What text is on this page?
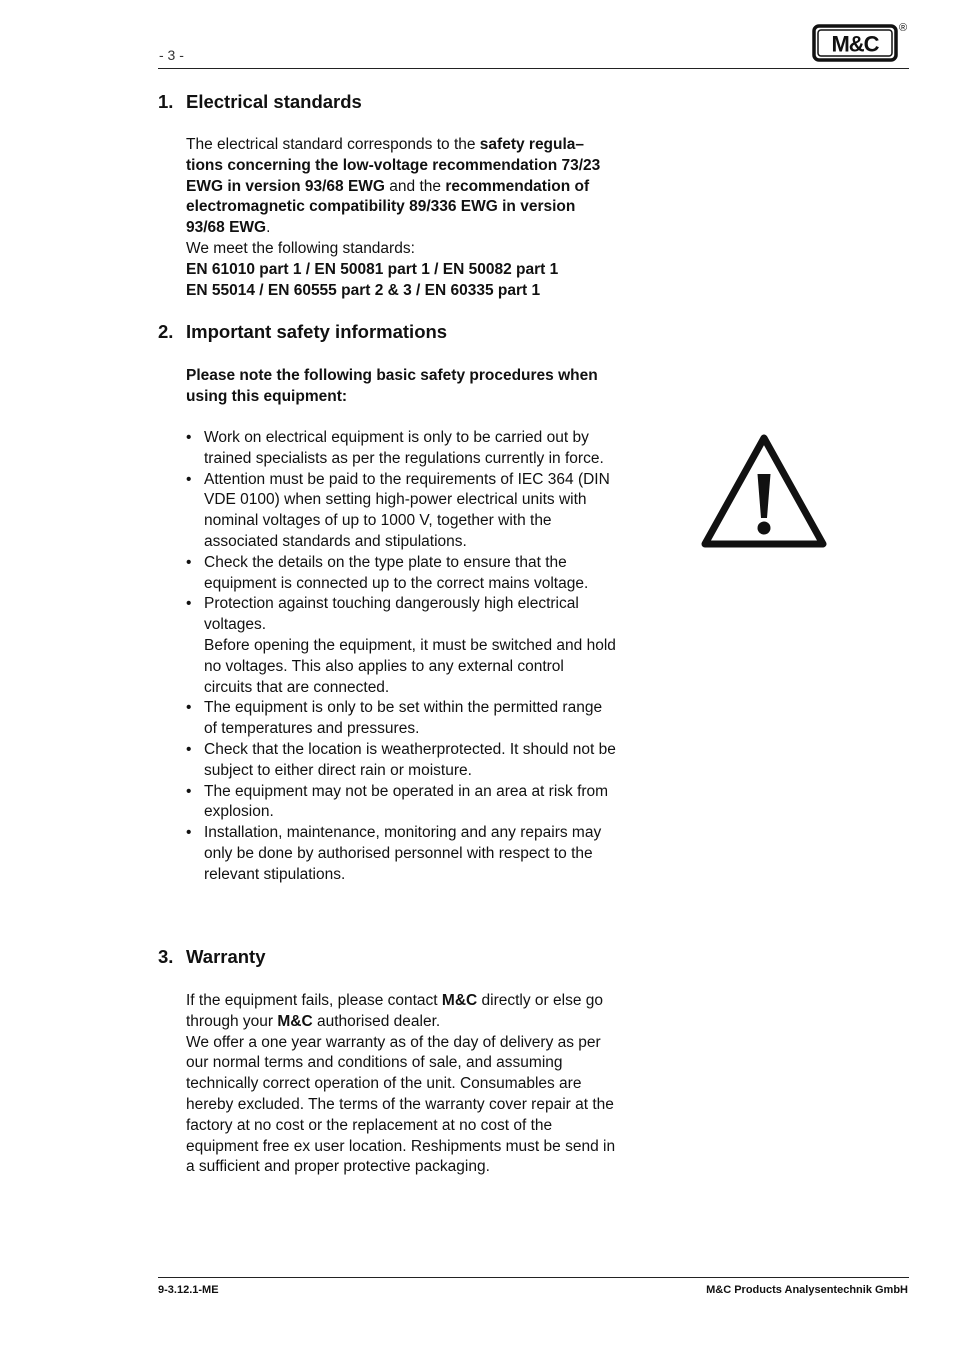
- 3 -	M&C
®
1. Electrical standards

The electrical standard corresponds to the safety regula– tions concerning the low-voltage recommendation 73/23 EWG in version 93/68 EWG and the recommendation of electromagnetic compatibility 89/336 EWG in version 93/68 EWG.

We meet the following standards:

EN 61010 part 1 / EN 50081 part 1 / EN 50082 part 1

EN 55014 / EN 60555 part 2 & 3 / EN 60335 part 1

2. Important safety informations
Please note the following basic safety procedures when using this equipment:
• Work on electrical equipment is only to be carried out by trained specialists as per the regulations currently in force.
• Attention must be paid to the requirements of IEC 364 (DIN VDE 0100) when setting high-power electrical units with nominal voltages of up to 1000 V, together with the associated standards and stipulations.
• Check the details on the type plate to ensure that the equipment is connected up to the correct mains voltage.
• Protection against touching dangerously high electrical voltages.
Before opening the equipment, it must be switched and hold no voltages. This also applies to any external control circuits that are connected.
• The equipment is only to be set within the permitted range of temperatures and pressures.
• Check that the location is weatherprotected. It should not be subject to either direct rain or moisture.
• The equipment may not be operated in an area at risk from explosion.
• Installation, maintenance, monitoring and any repairs may only be done by authorised personnel with respect to the relevant stipulations.
3. Warranty

If the equipment fails, please contact M&C directly or else go through your M&C authorised dealer.

We offer a one year warranty as of the day of delivery as per our normal terms and conditions of sale, and assuming technically correct operation of the unit. Consumables are hereby excluded. The terms of the warranty cover repair at the factory at no cost or the replacement at no cost of the equipment free ex user location. Reshipments must be send in a sufficient and proper protective packaging.

9-3.12.1-ME	M&C Products Analysentechnik GmbH
